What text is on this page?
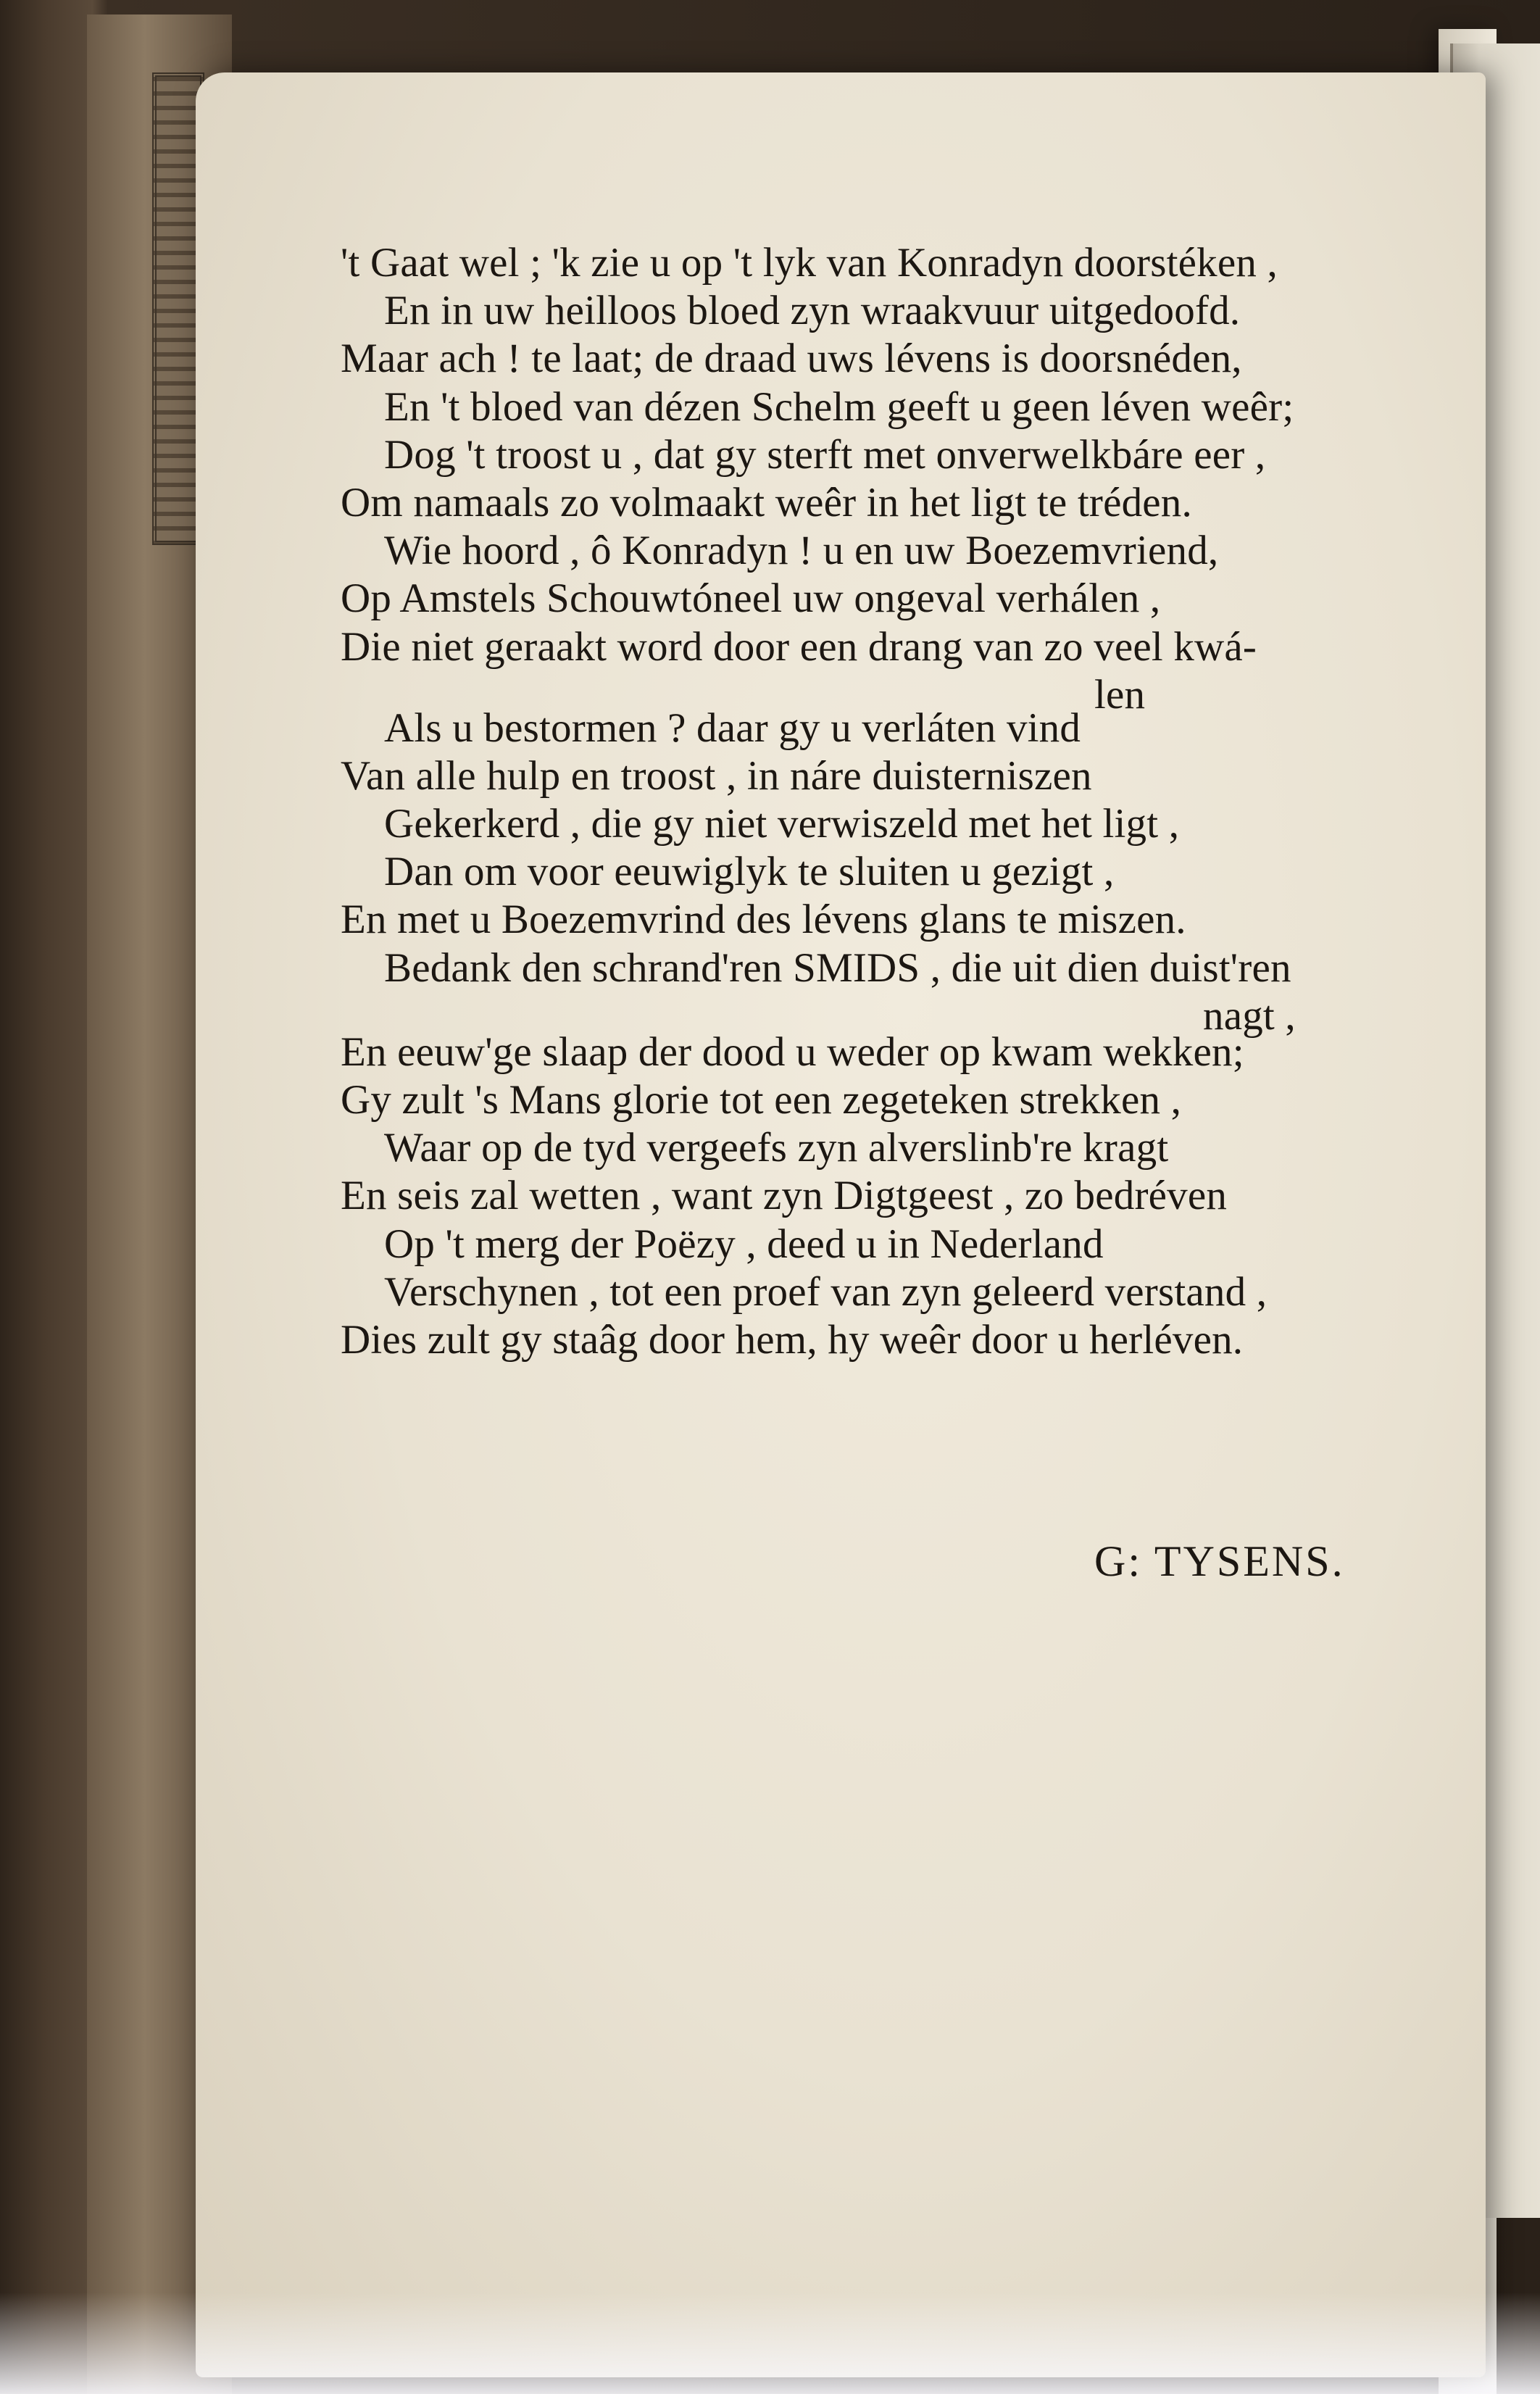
't Gaat wel ; 'k zie u op 't lyk van Konradyn doorstéken ,
En in uw heilloos bloed zyn wraakvuur uitgedoofd.
Maar ach ! te laat; de draad uws lévens is doorsnéden,
En 't bloed van dézen Schelm geeft u geen léven weêr;
Dog 't troost u , dat gy sterft met onverwelkbáre eer ,
Om namaals zo volmaakt weêr in het ligt te tréden.
Wie hoord , ô Konradyn ! u en uw Boezemvriend,
Op Amstels Schouwtóneel uw ongeval verhálen ,
Die niet geraakt word door een drang van zo veel kwá-
len
Als u bestormen ? daar gy u verláten vind
Van alle hulp en troost , in náre duisterniszen
Gekerkerd , die gy niet verwiszeld met het ligt ,
Dan om voor eeuwiglyk te sluiten u gezigt ,
En met u Boezemvrind des lévens glans te miszen.
Bedank den schrand'ren SMIDS , die uit dien duist'ren
nagt ,
En eeuw'ge slaap der dood u weder op kwam wekken;
Gy zult 's Mans glorie tot een zegeteken strekken ,
Waar op de tyd vergeefs zyn alverslinb're kragt
En seis zal wetten , want zyn Digtgeest , zo bedréven
Op 't merg der Poëzy , deed u in Nederland
Verschynen , tot een proef van zyn geleerd verstand ,
Dies zult gy staâg door hem, hy weêr door u herléven.
G: TYSENS.
